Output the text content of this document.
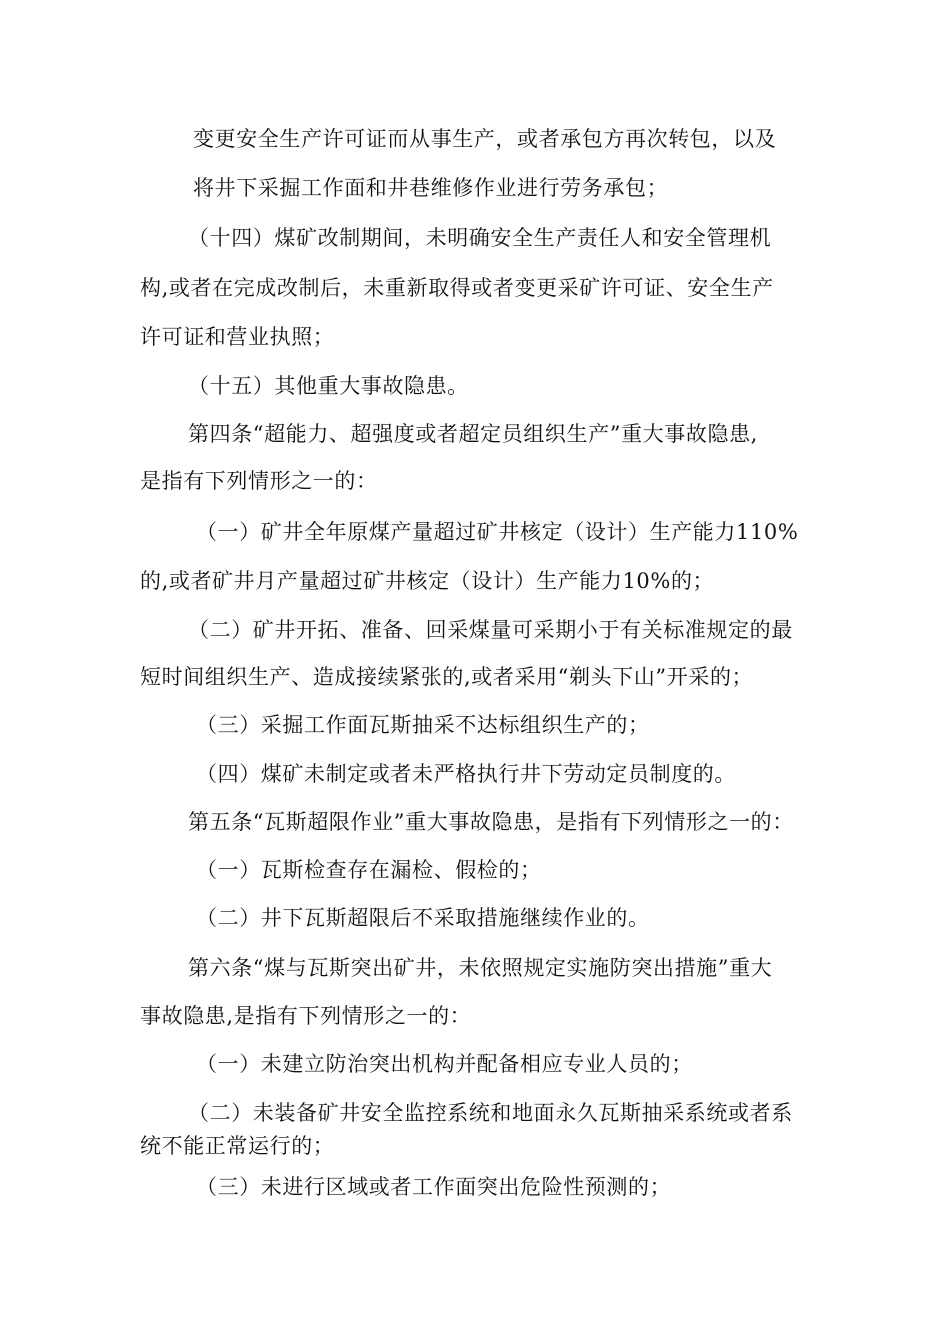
变更安全生产许可证而从事生产，或者承包方再次转包，以及
将井下采掘工作面和井巷维修作业进行劳务承包；
（十四）煤矿改制期间，未明确安全生产责任人和安全管理机
构,或者在完成改制后，未重新取得或者变更采矿许可证、安全生产
许可证和营业执照；
（十五）其他重大事故隐患。
第四条“超能力、超强度或者超定员组织生产”重大事故隐患,
是指有下列情形之一的：
（一）矿井全年原煤产量超过矿井核定（设计）生产能力110%
的,或者矿井月产量超过矿井核定（设计）生产能力10%的；
（二）矿井开拓、准备、回采煤量可采期小于有关标准规定的最
短时间组织生产、造成接续紧张的,或者采用“剃头下山”开采的；
（三）采掘工作面瓦斯抽采不达标组织生产的；
（四）煤矿未制定或者未严格执行井下劳动定员制度的。
第五条“瓦斯超限作业”重大事故隐患，是指有下列情形之一的：
（一）瓦斯检查存在漏检、假检的；
（二）井下瓦斯超限后不采取措施继续作业的。
第六条“煤与瓦斯突出矿井，未依照规定实施防突出措施”重大
事故隐患,是指有下列情形之一的：
（一）未建立防治突出机构并配备相应专业人员的；
（二）未装备矿井安全监控系统和地面永久瓦斯抽采系统或者系
统不能正常运行的；
（三）未进行区域或者工作面突出危险性预测的；
